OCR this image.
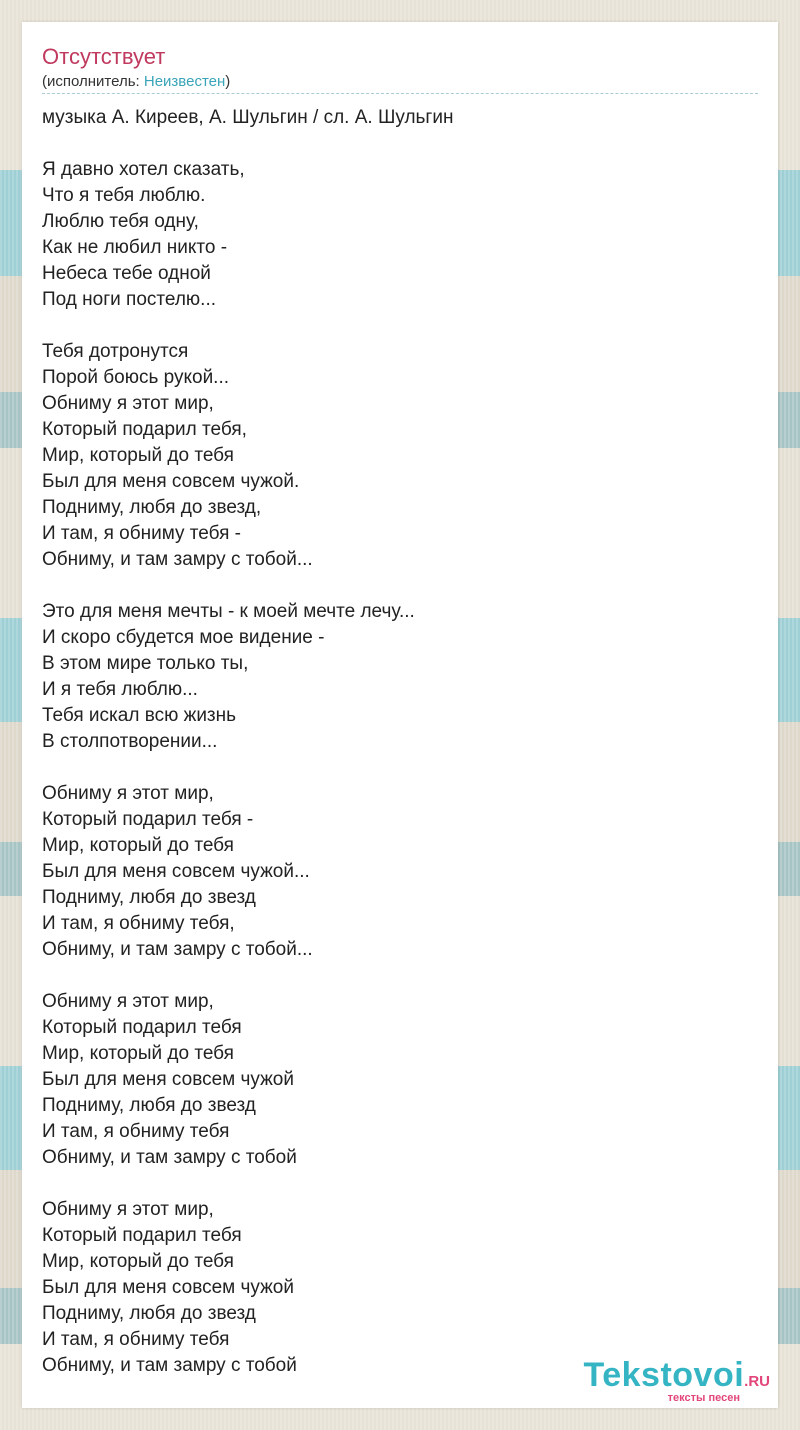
Отсутствует
(исполнитель: Неизвестен)
музыка А. Киреев, А. Шульгин / сл. А. Шульгин
Я давно хотел сказать,
Что я тебя люблю.
Люблю тебя одну,
Как не любил никто -
Небеса тебе одной
Под ноги постелю...
Тебя дотронутся
Порой боюсь рукой...
Обниму я этот мир,
Который подарил тебя,
Мир, который до тебя
Был для меня совсем чужой.
Подниму, любя до звезд,
И там, я обниму тебя -
Обниму, и там замру с тобой...
Это для меня мечты - к моей мечте лечу...
И скоро сбудется мое видение -
В этом мире только ты,
И я тебя люблю...
Тебя искал всю жизнь
В столпотворении...
Обниму я этот мир,
Который подарил тебя -
Мир, который до тебя
Был для меня совсем чужой...
Подниму, любя до звезд
И там, я обниму тебя,
Обниму, и там замру с тобой...
Обниму я этот мир,
Который подарил тебя
Мир, который до тебя
Был для меня совсем чужой
Подниму, любя до звезд
И там, я обниму тебя
Обниму, и там замру с тобой
Обниму я этот мир,
Который подарил тебя
Мир, который до тебя
Был для меня совсем чужой
Подниму, любя до звезд
И там, я обниму тебя
Обниму, и там замру с тобой	Tekstovoi.RU
тексты песен
